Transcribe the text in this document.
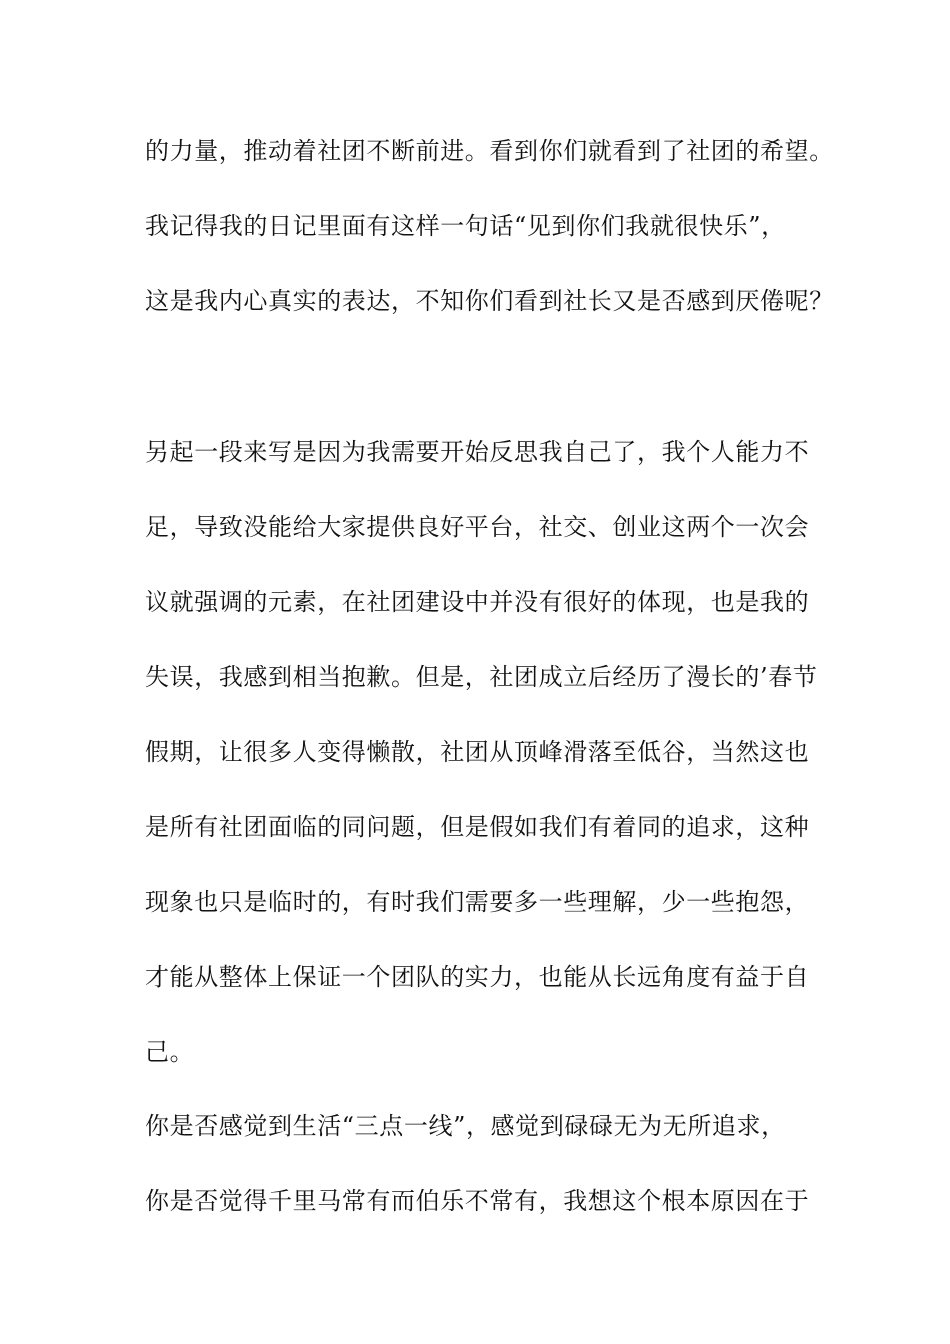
的力量，推动着社团不断前进。看到你们就看到了社团的希望。
我记得我的日记里面有这样一句话“见到你们我就很快乐”，
这是我内心真实的表达，不知你们看到社长又是否感到厌倦呢？
另起一段来写是因为我需要开始反思我自己了，我个人能力不
足，导致没能给大家提供良好平台，社交、创业这两个一次会
议就强调的元素，在社团建设中并没有很好的体现，也是我的
失误，我感到相当抱歉。但是，社团成立后经历了漫长的’春节
假期，让很多人变得懒散，社团从顶峰滑落至低谷，当然这也
是所有社团面临的同问题，但是假如我们有着同的追求，这种
现象也只是临时的，有时我们需要多一些理解，少一些抱怨，
才能从整体上保证一个团队的实力，也能从长远角度有益于自
己。
你是否感觉到生活“三点一线”，感觉到碌碌无为无所追求，
你是否觉得千里马常有而伯乐不常有，我想这个根本原因在于
